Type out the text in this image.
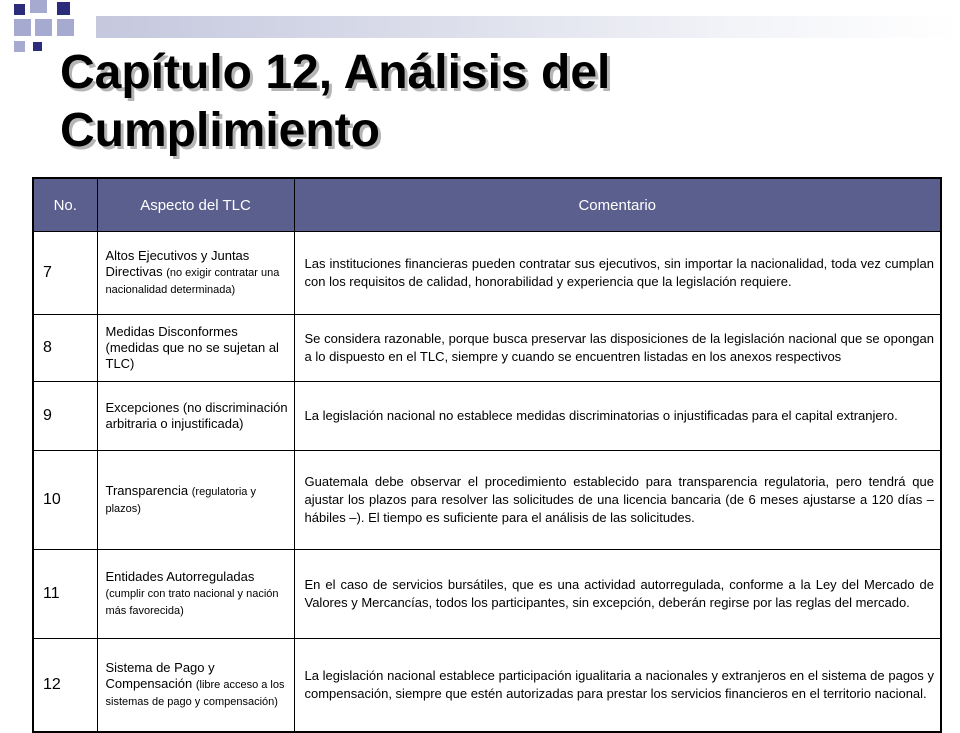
Capítulo 12, Análisis del Cumplimiento
No.	Aspecto del TLC	Comentario
7	Altos Ejecutivos y Juntas Directivas (no exigir contratar una nacionalidad determinada)	Las instituciones financieras pueden contratar sus ejecutivos, sin importar la nacionalidad, toda vez cumplan con los requisitos de calidad, honorabilidad y experiencia que la legislación requiere.
8	Medidas Disconformes (medidas que no se sujetan al TLC)	Se considera razonable, porque busca preservar las disposiciones de la legislación nacional que se opongan a lo dispuesto en el TLC, siempre y cuando se encuentren listadas en los anexos respectivos
9	Excepciones (no discriminación arbitraria o injustificada)	La legislación nacional no establece medidas discriminatorias o injustificadas para el capital extranjero.
10	Transparencia (regulatoria y plazos)	Guatemala debe observar el procedimiento establecido para transparencia regulatoria, pero tendrá que ajustar los plazos para resolver las solicitudes de una licencia bancaria (de 6 meses ajustarse a 120 días – hábiles –). El tiempo es suficiente para el análisis de las solicitudes.
11	Entidades Autorreguladas (cumplir con trato nacional y nación más favorecida)	En el caso de servicios bursátiles, que es una actividad autorregulada, conforme a la Ley del Mercado de Valores y Mercancías, todos los participantes, sin excepción, deberán regirse por las reglas del mercado.
12	Sistema de Pago y Compensación (libre acceso a los sistemas de pago y compensación)	La legislación nacional establece participación igualitaria a nacionales y extranjeros en el sistema de pagos y compensación, siempre que estén autorizadas para prestar los servicios financieros en el territorio nacional.
